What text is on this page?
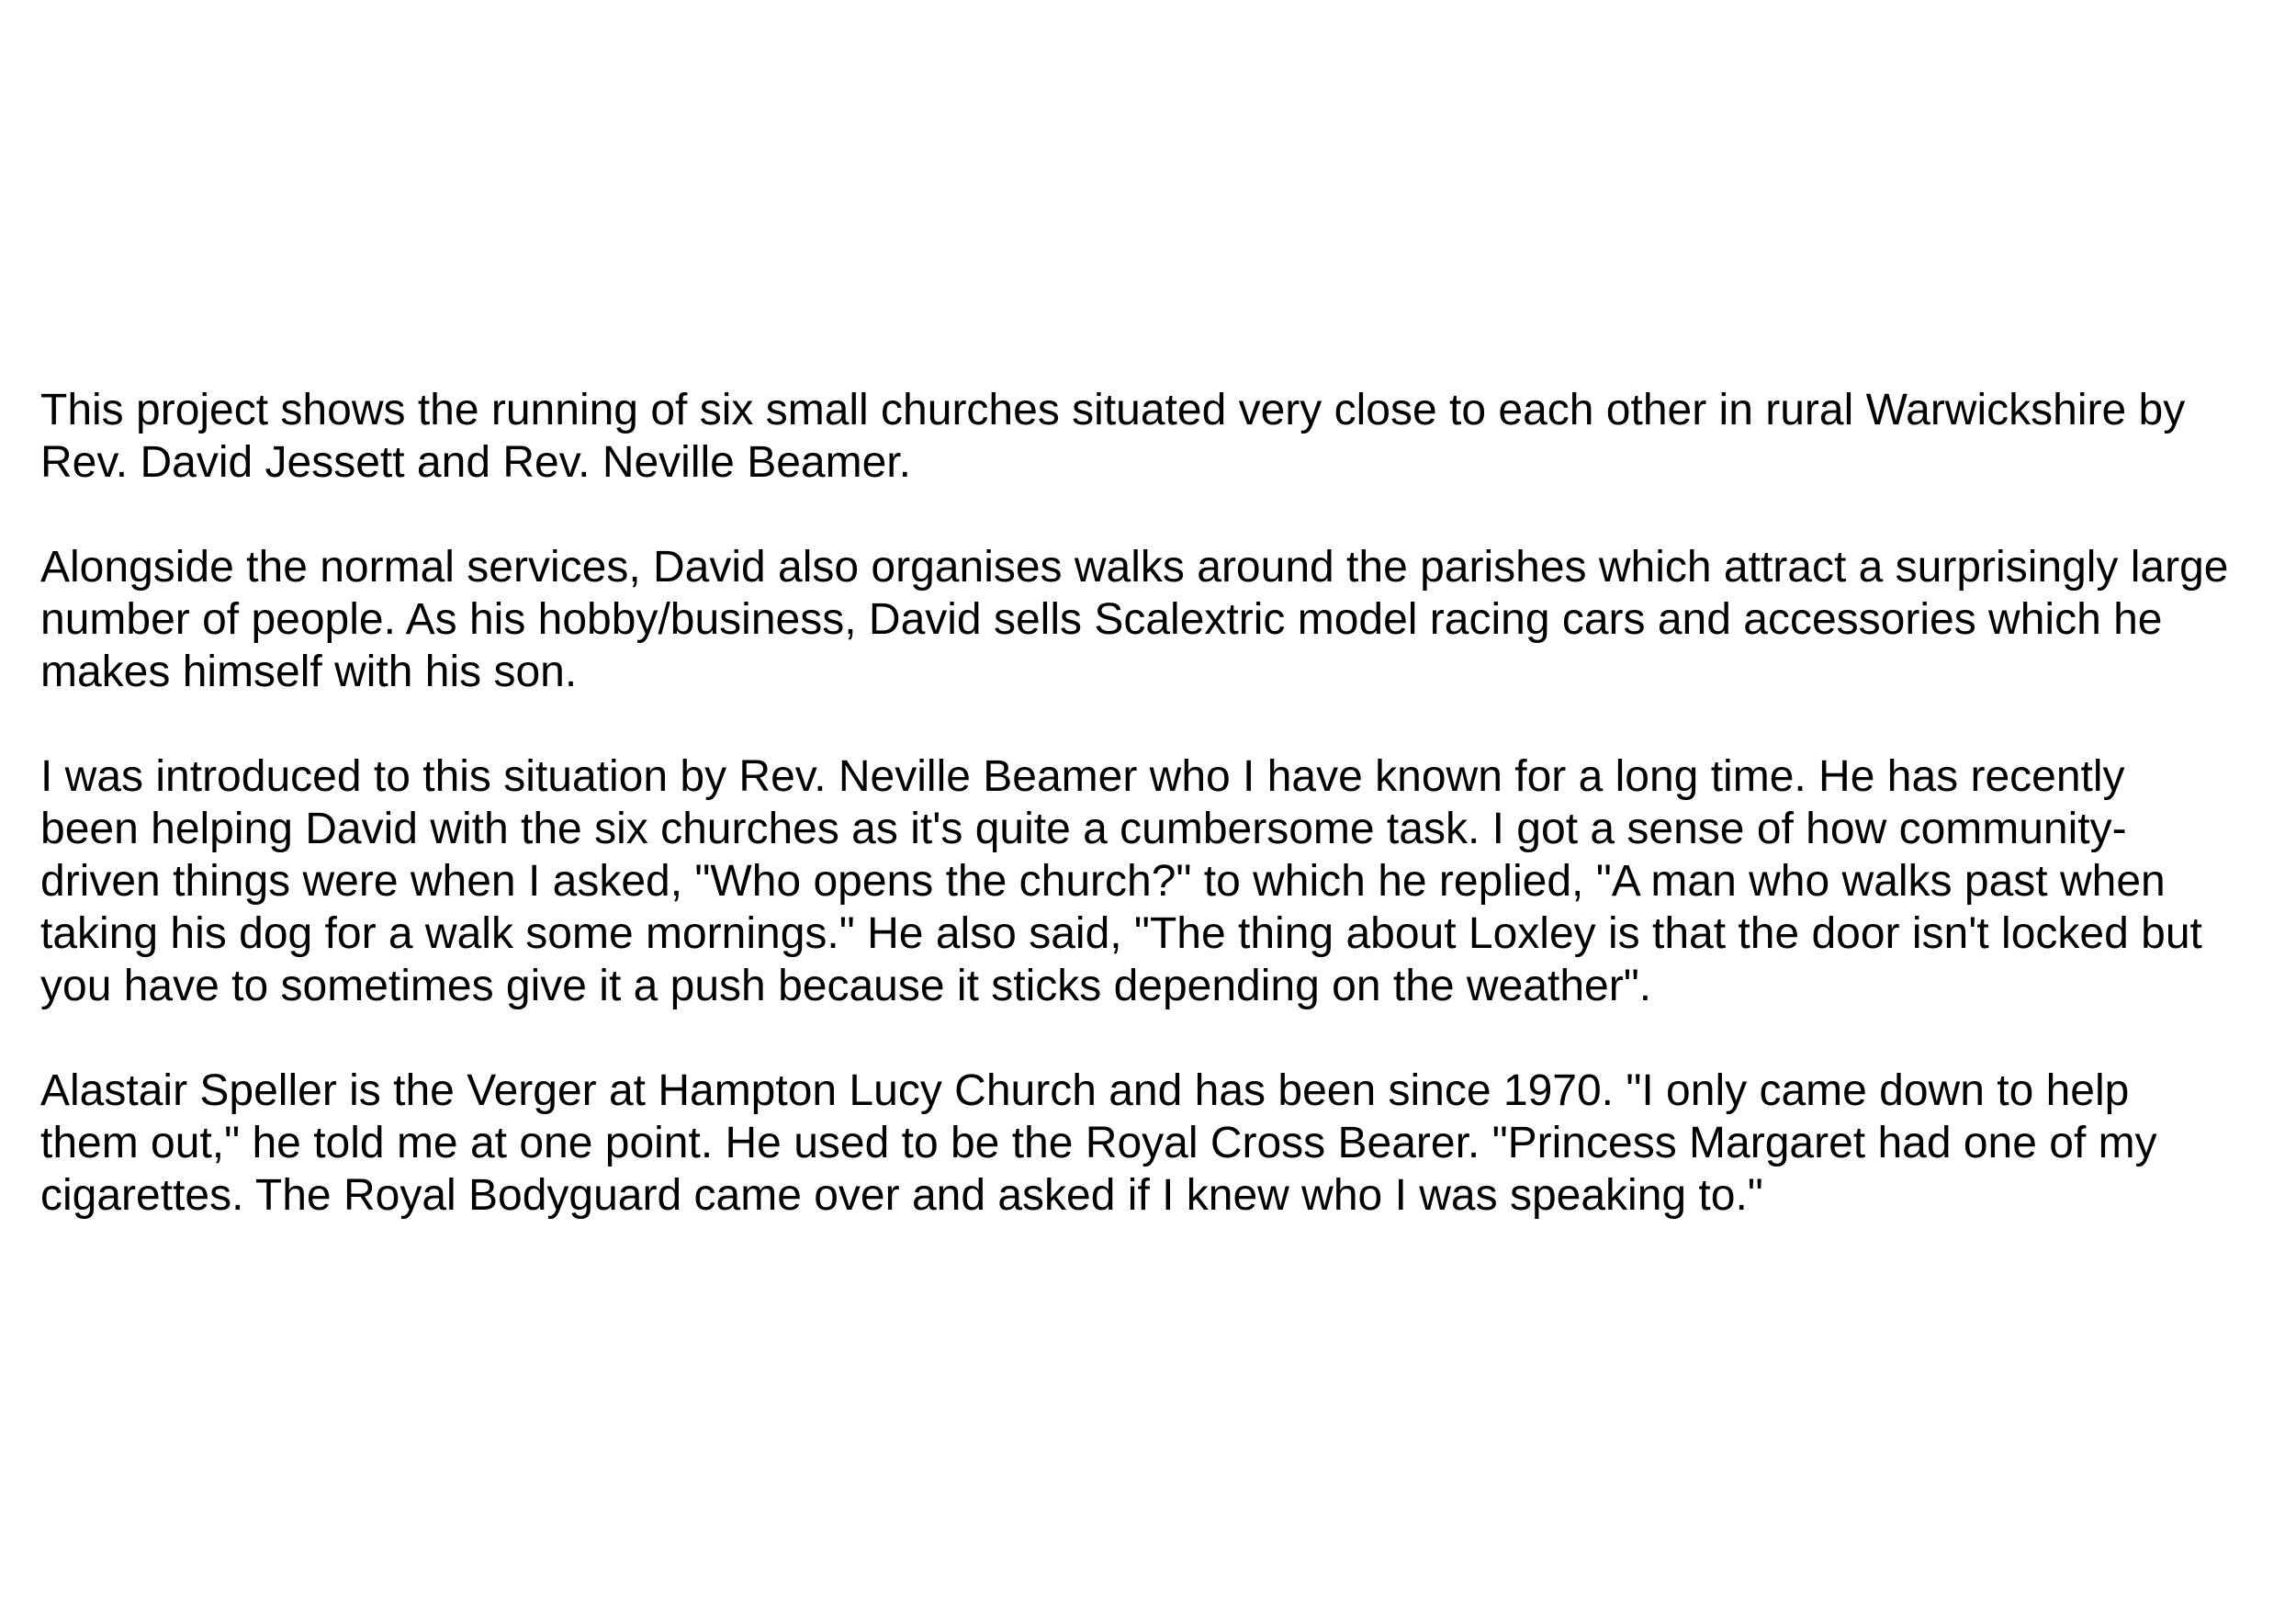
This project shows the running of six small churches situated very close to each other in rural Warwickshire by
Rev. David Jessett and Rev. Neville Beamer.

Alongside the normal services, David also organises walks around the parishes which attract a surprisingly large
number of people. As his hobby/business, David sells Scalextric model racing cars and accessories which he
makes himself with his son.

I was introduced to this situation by Rev. Neville Beamer who I have known for a long time. He has recently
been helping David with the six churches as it's quite a cumbersome task. I got a sense of how community-
driven things were when I asked, "Who opens the church?" to which he replied, "A man who walks past when
taking his dog for a walk some mornings." He also said, "The thing about Loxley is that the door isn't locked but
you have to sometimes give it a push because it sticks depending on the weather".

Alastair Speller is the Verger at Hampton Lucy Church and has been since 1970. "I only came down to help
them out," he told me at one point. He used to be the Royal Cross Bearer. "Princess Margaret had one of my
cigarettes. The Royal Bodyguard came over and asked if I knew who I was speaking to."
